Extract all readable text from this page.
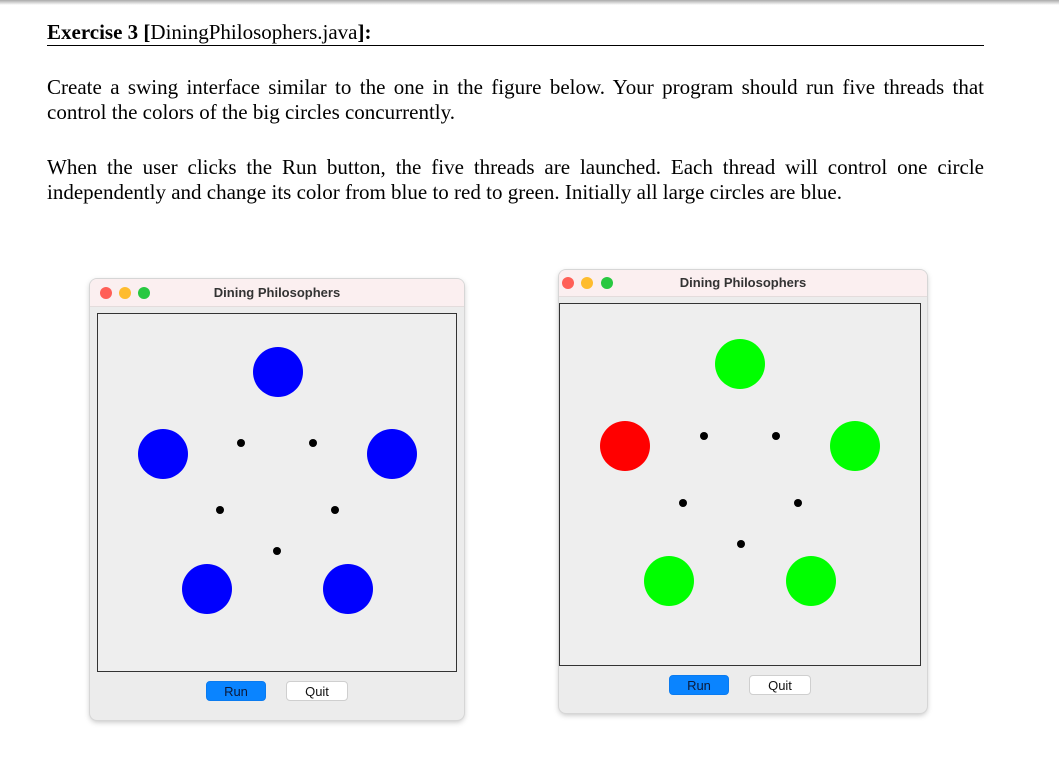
Exercise 3 [DiningPhilosophers.java]:

Create a swing interface similar to the one in the figure below. Your program should run five threads that control the colors of the big circles concurrently.

When the user clicks the Run button, the five threads are launched. Each thread will control one circle independently and change its color from blue to red to green. Initially all large circles are blue.

Dining Philosophers
Run	Quit
Dining Philosophers
Run	Quit
